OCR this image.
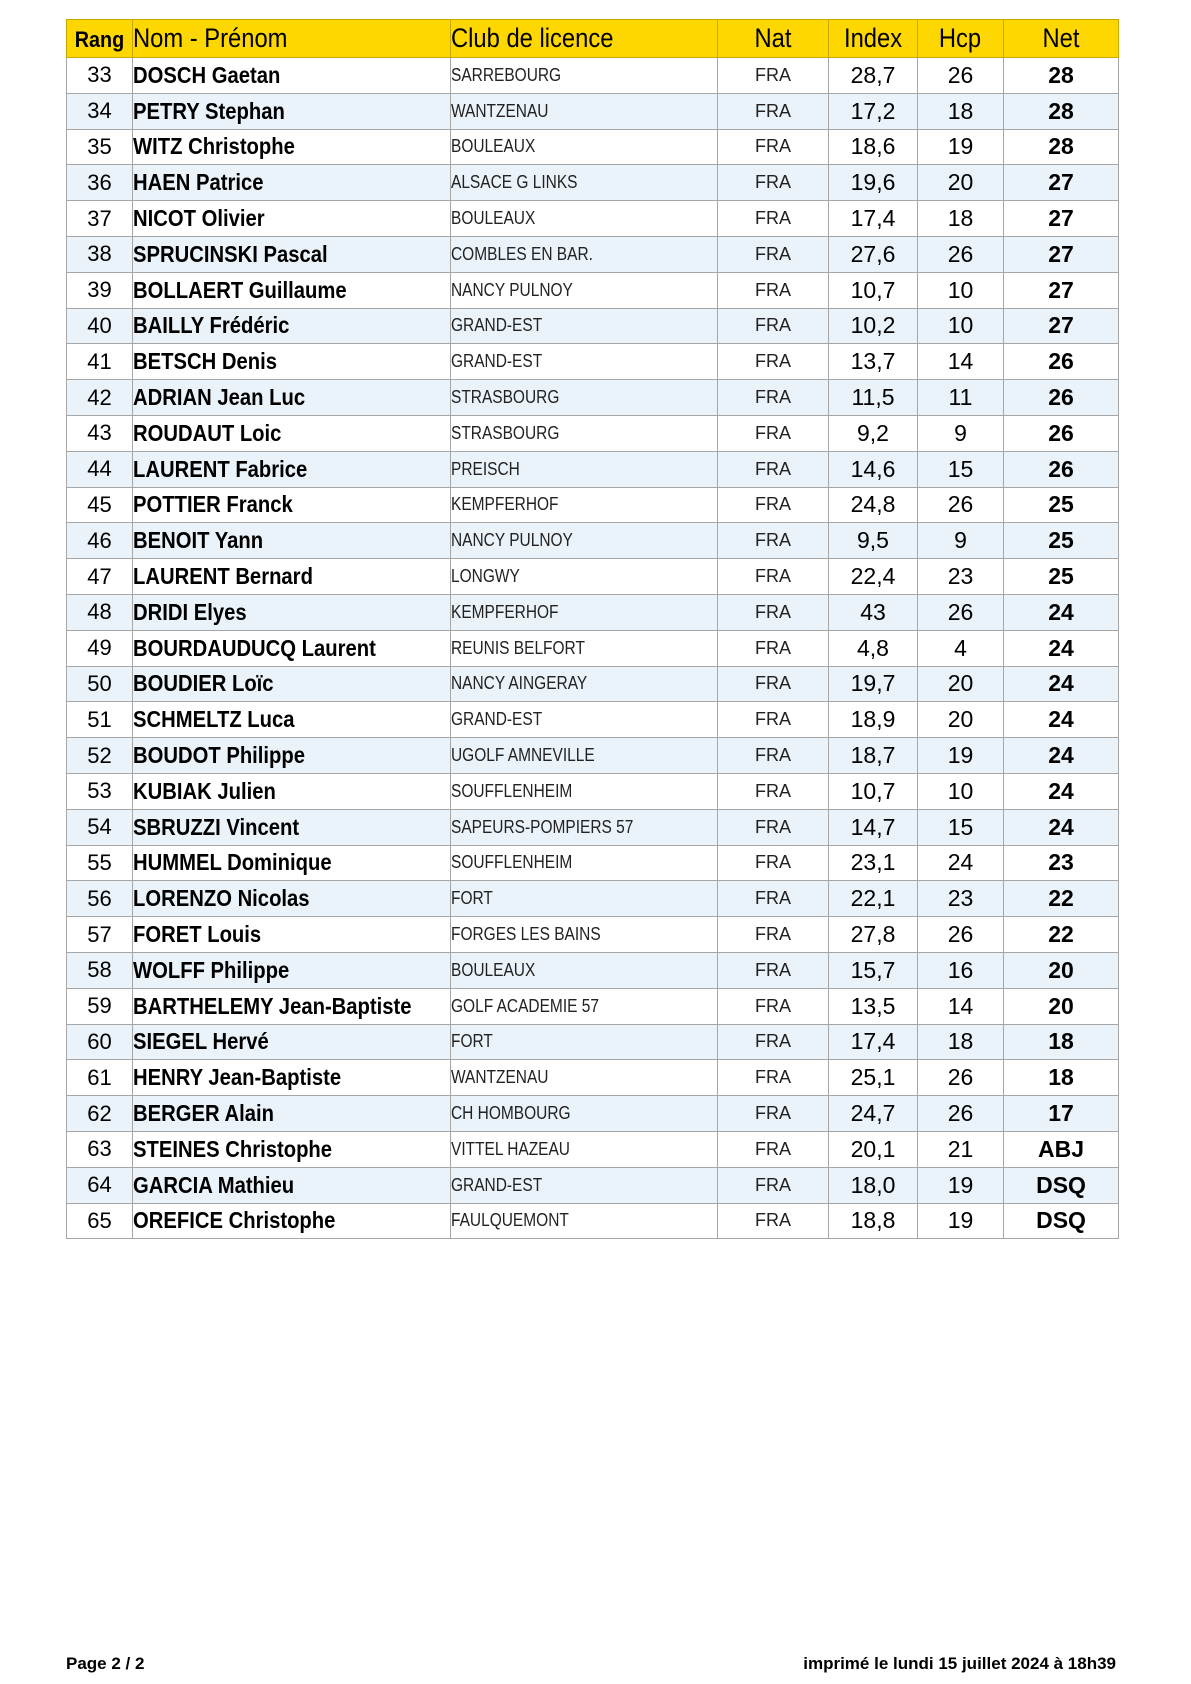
Rang	Nom - Prénom	Club de licence	Nat	Index	Hcp	Net
33	DOSCH Gaetan	SARREBOURG	FRA	28,7	26	28
34	PETRY Stephan	WANTZENAU	FRA	17,2	18	28
35	WITZ Christophe	BOULEAUX	FRA	18,6	19	28
36	HAEN Patrice	ALSACE G LINKS	FRA	19,6	20	27
37	NICOT Olivier	BOULEAUX	FRA	17,4	18	27
38	SPRUCINSKI Pascal	COMBLES EN BAR.	FRA	27,6	26	27
39	BOLLAERT Guillaume	NANCY PULNOY	FRA	10,7	10	27
40	BAILLY Frédéric	GRAND-EST	FRA	10,2	10	27
41	BETSCH Denis	GRAND-EST	FRA	13,7	14	26
42	ADRIAN Jean Luc	STRASBOURG	FRA	11,5	11	26
43	ROUDAUT Loic	STRASBOURG	FRA	9,2	9	26
44	LAURENT Fabrice	PREISCH	FRA	14,6	15	26
45	POTTIER Franck	KEMPFERHOF	FRA	24,8	26	25
46	BENOIT Yann	NANCY PULNOY	FRA	9,5	9	25
47	LAURENT Bernard	LONGWY	FRA	22,4	23	25
48	DRIDI Elyes	KEMPFERHOF	FRA	43	26	24
49	BOURDAUDUCQ Laurent	REUNIS BELFORT	FRA	4,8	4	24
50	BOUDIER Loïc	NANCY AINGERAY	FRA	19,7	20	24
51	SCHMELTZ Luca	GRAND-EST	FRA	18,9	20	24
52	BOUDOT Philippe	UGOLF AMNEVILLE	FRA	18,7	19	24
53	KUBIAK Julien	SOUFFLENHEIM	FRA	10,7	10	24
54	SBRUZZI Vincent	SAPEURS-POMPIERS 57	FRA	14,7	15	24
55	HUMMEL Dominique	SOUFFLENHEIM	FRA	23,1	24	23
56	LORENZO Nicolas	FORT	FRA	22,1	23	22
57	FORET Louis	FORGES LES BAINS	FRA	27,8	26	22
58	WOLFF Philippe	BOULEAUX	FRA	15,7	16	20
59	BARTHELEMY Jean-Baptiste	GOLF ACADEMIE 57	FRA	13,5	14	20
60	SIEGEL Hervé	FORT	FRA	17,4	18	18
61	HENRY Jean-Baptiste	WANTZENAU	FRA	25,1	26	18
62	BERGER Alain	CH HOMBOURG	FRA	24,7	26	17
63	STEINES Christophe	VITTEL HAZEAU	FRA	20,1	21	ABJ
64	GARCIA Mathieu	GRAND-EST	FRA	18,0	19	DSQ
65	OREFICE Christophe	FAULQUEMONT	FRA	18,8	19	DSQ
Page 2 / 2	imprimé le lundi 15 juillet 2024 à 18h39
